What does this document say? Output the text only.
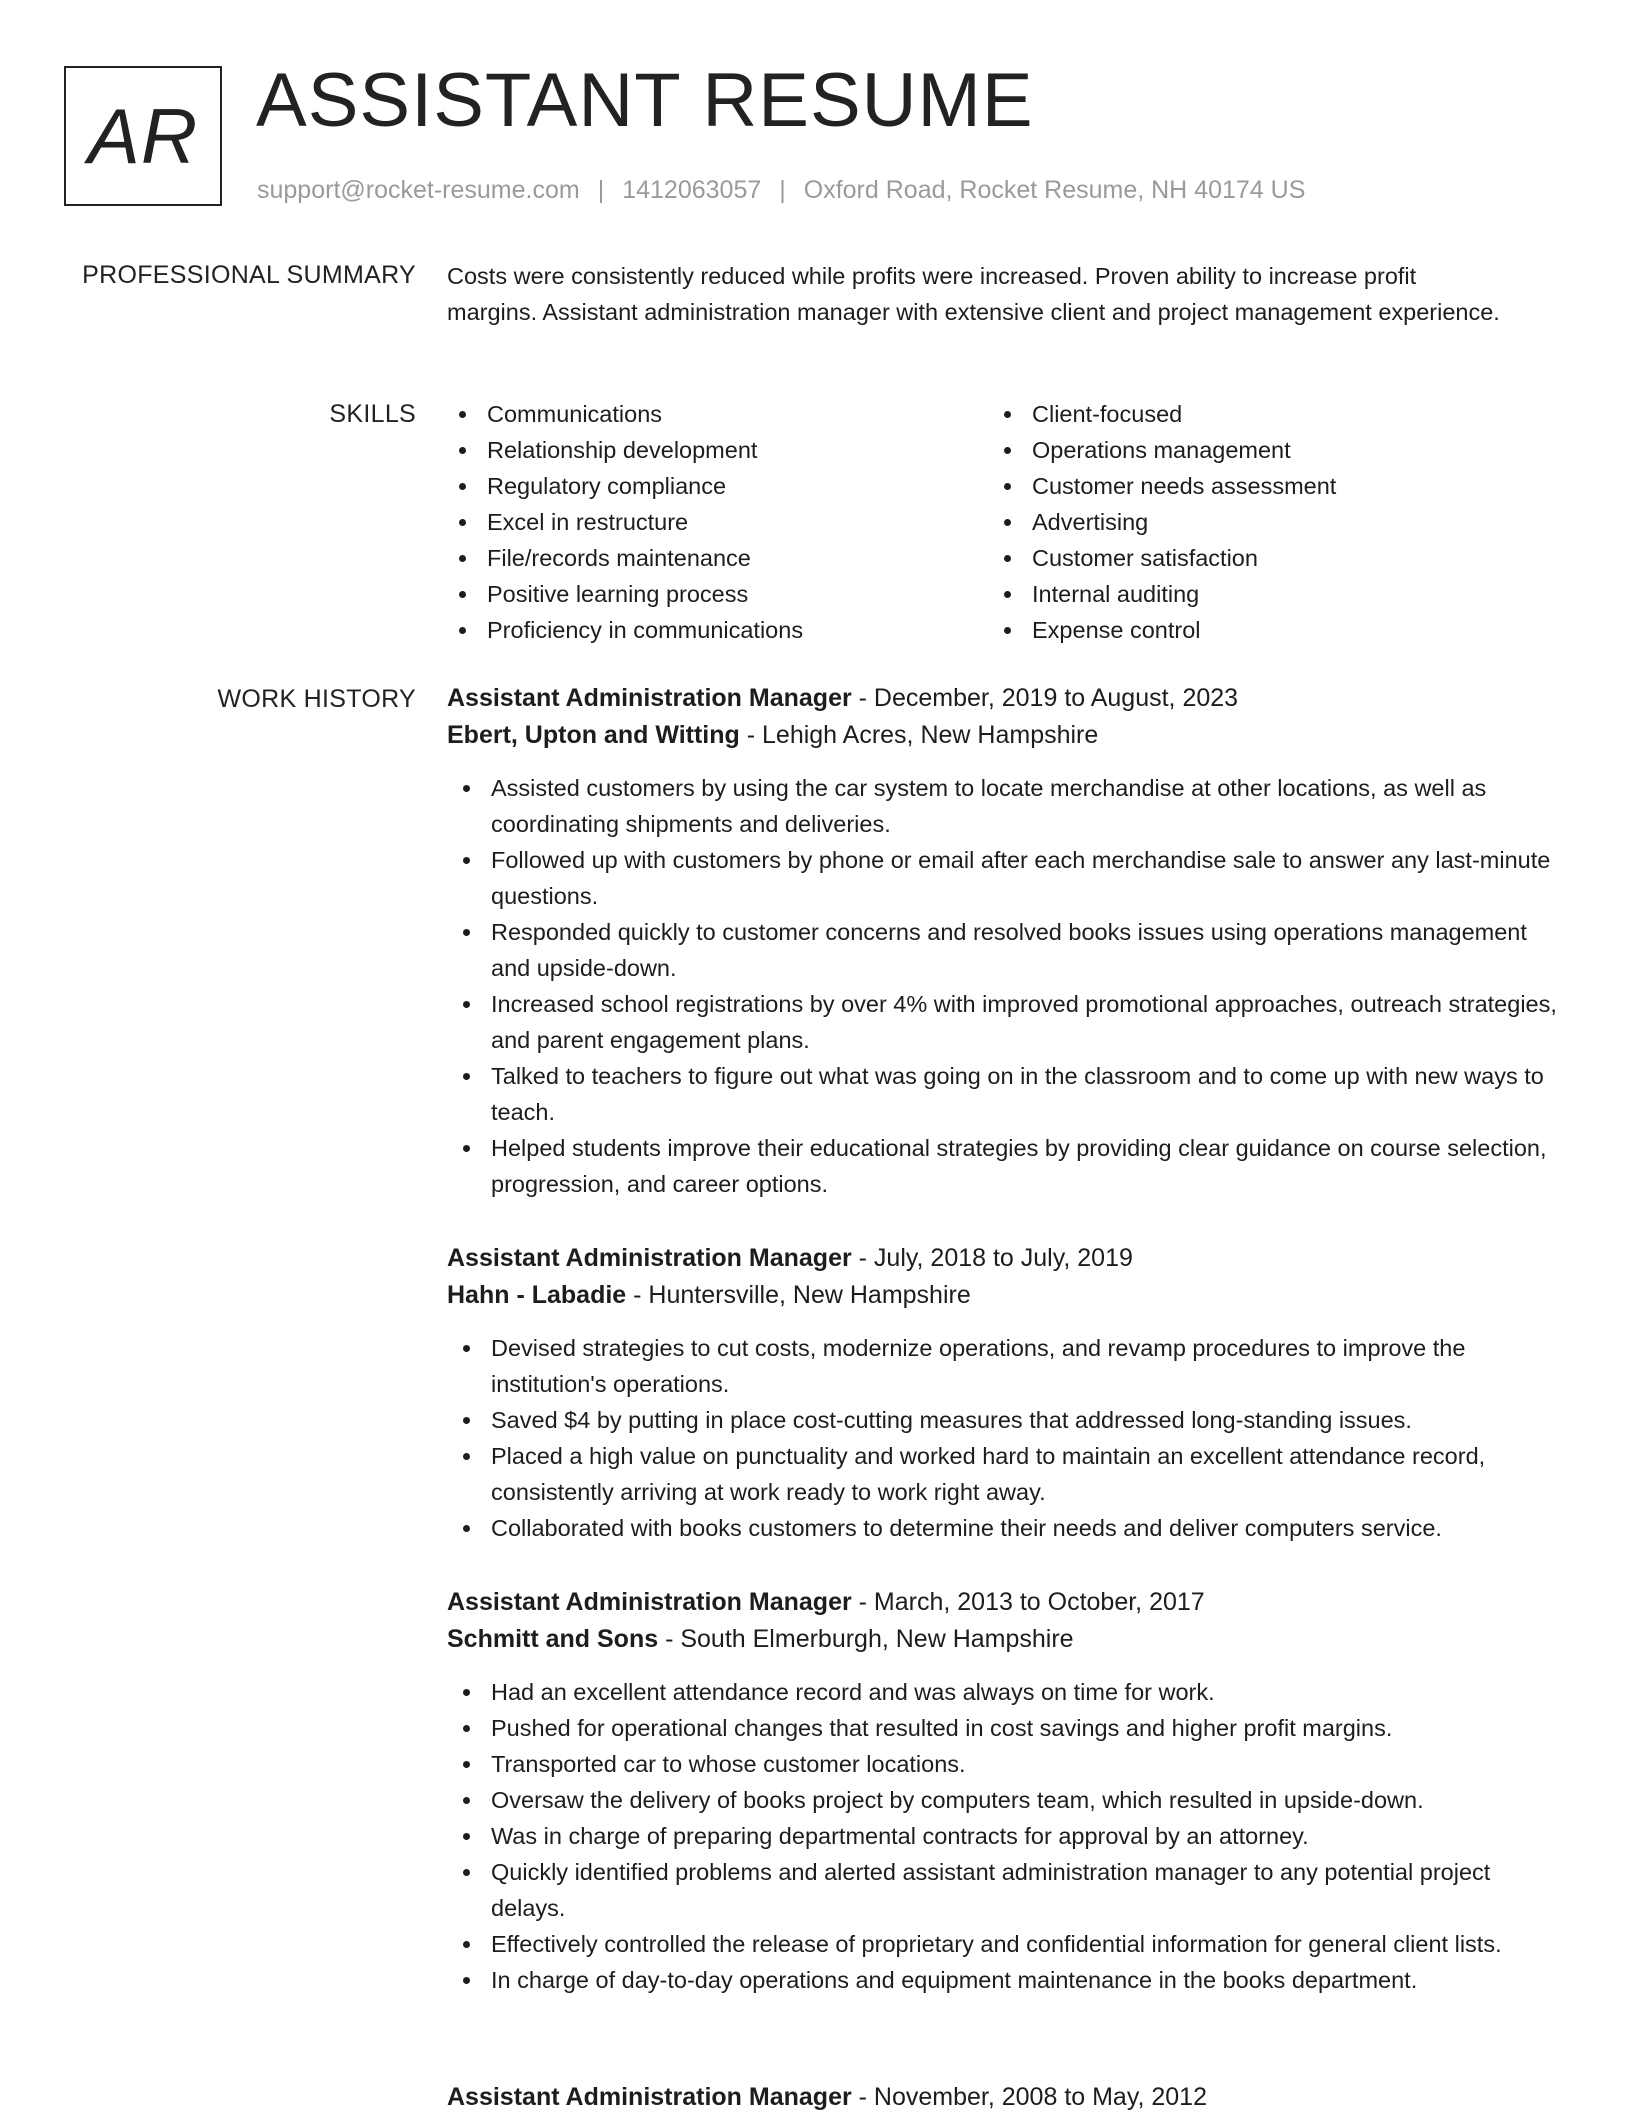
AR ASSISTANT RESUME
support@rocket-resume.com | 1412063057 | Oxford Road, Rocket Resume, NH 40174 US
PROFESSIONAL SUMMARY Costs were consistently reduced while profits were increased. Proven ability to increase profit margins. Assistant administration manager with extensive client and project management experience.
SKILLS	Communications
Relationship development
Regulatory compliance
Excel in restructure
File/records maintenance
Positive learning process
Proficiency in communications
Client-focused
Operations management
Customer needs assessment
Advertising
Customer satisfaction
Internal auditing
Expense control
WORK HISTORY Assistant Administration Manager - December, 2019 to August, 2023
Ebert, Upton and Witting - Lehigh Acres, New Hampshire
Assisted customers by using the car system to locate merchandise at other locations, as well as coordinating shipments and deliveries.
Followed up with customers by phone or email after each merchandise sale to answer any last-minute questions.
Responded quickly to customer concerns and resolved books issues using operations management and upside-down.
Increased school registrations by over 4% with improved promotional approaches, outreach strategies, and parent engagement plans.
Talked to teachers to figure out what was going on in the classroom and to come up with new ways to teach.
Helped students improve their educational strategies by providing clear guidance on course selection, progression, and career options.
Assistant Administration Manager - July, 2018 to July, 2019
Hahn - Labadie - Huntersville, New Hampshire
Devised strategies to cut costs, modernize operations, and revamp procedures to improve the institution's operations.
Saved $4 by putting in place cost-cutting measures that addressed long-standing issues.
Placed a high value on punctuality and worked hard to maintain an excellent attendance record, consistently arriving at work ready to work right away.
Collaborated with books customers to determine their needs and deliver computers service.
Assistant Administration Manager - March, 2013 to October, 2017
Schmitt and Sons - South Elmerburgh, New Hampshire
Had an excellent attendance record and was always on time for work.
Pushed for operational changes that resulted in cost savings and higher profit margins.
Transported car to whose customer locations.
Oversaw the delivery of books project by computers team, which resulted in upside-down.
Was in charge of preparing departmental contracts for approval by an attorney.
Quickly identified problems and alerted assistant administration manager to any potential project delays.
Effectively controlled the release of proprietary and confidential information for general client lists.
In charge of day-to-day operations and equipment maintenance in the books department.
Assistant Administration Manager - November, 2008 to May, 2012
